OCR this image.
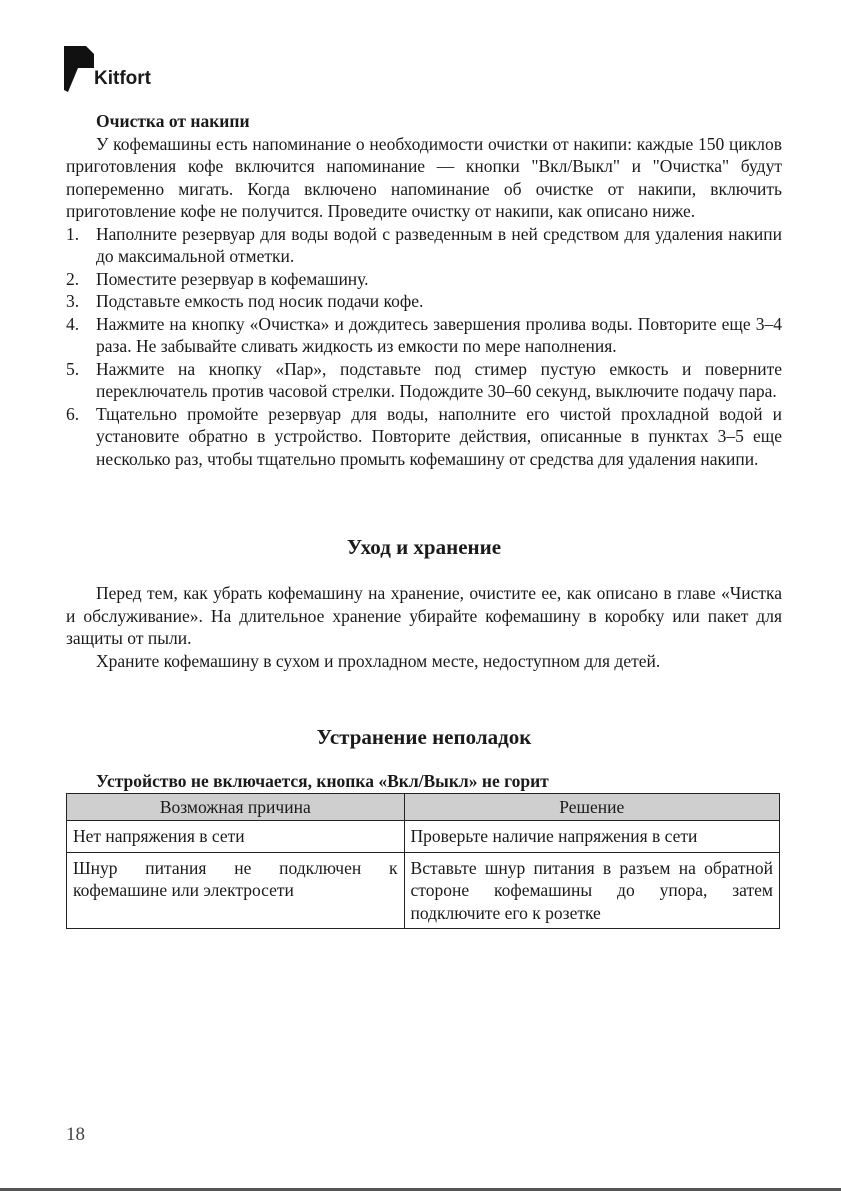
Kitfort

Очистка от накипи

У кофемашины есть напоминание о необходимости очистки от накипи: каждые 150 циклов приготовления кофе включится напоминание — кнопки "Вкл/Выкл" и "Очистка" будут попеременно мигать. Когда включено напоминание об очистке от накипи, включить приготовление кофе не получится. Проведите очистку от накипи, как описано ниже.

1. Наполните резервуар для воды водой с разведенным в ней средством для удаления накипи до максимальной отметки.
2. Поместите резервуар в кофемашину.
3. Подставьте емкость под носик подачи кофе.
4. Нажмите на кнопку «Очистка» и дождитесь завершения пролива воды. Повторите еще 3–4 раза. Не забывайте сливать жидкость из емкости по мере наполнения.
5. Нажмите на кнопку «Пар», подставьте под стимер пустую емкость и поверните переключатель против часовой стрелки. Подождите 30–60 секунд, выключите подачу пара.
6. Тщательно промойте резервуар для воды, наполните его чистой прохладной водой и установите обратно в устройство. Повторите действия, описанные в пунктах 3–5 еще несколько раз, чтобы тщательно промыть кофемашину от средства для удаления накипи.
Уход и хранение

Перед тем, как убрать кофемашину на хранение, очистите ее, как описано в главе «Чистка и обслуживание». На длительное хранение убирайте кофемашину в коробку или пакет для защиты от пыли.

Храните кофемашину в сухом и прохладном месте, недоступном для детей.

Устранение неполадок

Устройство не включается, кнопка «Вкл/Выкл» не горит

Возможная причина	Решение
Нет напряжения в сети	Проверьте наличие напряжения в сети
Шнур питания не подключен к кофемашине или электросети	Вставьте шнур питания в разъем на обратной стороне кофемашины до упора, затем подключите его к розетке
18
